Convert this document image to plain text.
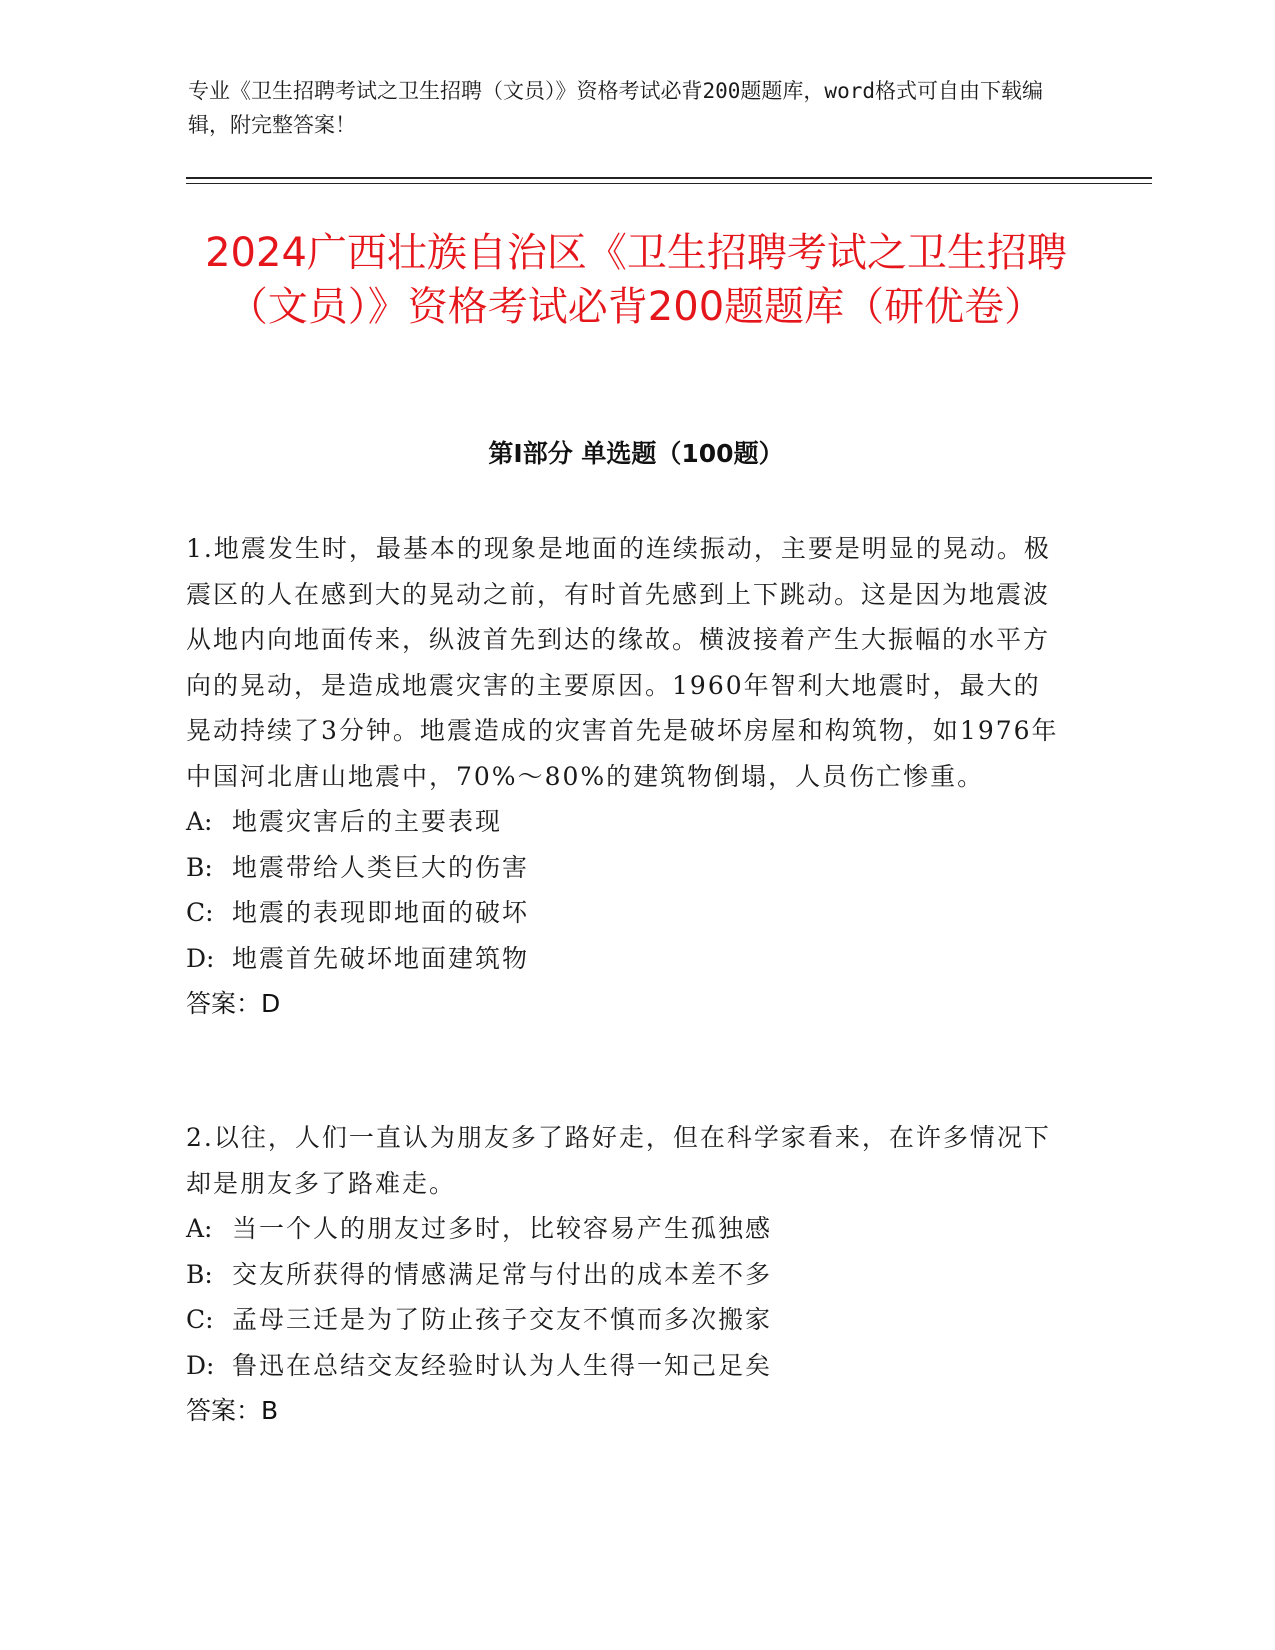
专业《卫生招聘考试之卫生招聘（文员）》资格考试必背200题题库，word格式可自由下载编辑，附完整答案！
2024广西壮族自治区《卫生招聘考试之卫生招聘（文员）》资格考试必背200题题库（研优卷）
第I部分 单选题（100题）

1.地震发生时，最基本的现象是地面的连续振动，主要是明显的晃动。极震区的人在感到大的晃动之前，有时首先感到上下跳动。这是因为地震波从地内向地面传来，纵波首先到达的缘故。横波接着产生大振幅的水平方向的晃动，是造成地震灾害的主要原因。1960年智利大地震时，最大的晃动持续了3分钟。地震造成的灾害首先是破坏房屋和构筑物，如1976年中国河北唐山地震中，70%～80%的建筑物倒塌，人员伤亡惨重。

A: 地震灾害后的主要表现

B: 地震带给人类巨大的伤害

C: 地震的表现即地面的破坏

D: 地震首先破坏地面建筑物

答案：D

2.以往，人们一直认为朋友多了路好走，但在科学家看来，在许多情况下却是朋友多了路难走。

A: 当一个人的朋友过多时，比较容易产生孤独感

B: 交友所获得的情感满足常与付出的成本差不多

C: 孟母三迁是为了防止孩子交友不慎而多次搬家

D: 鲁迅在总结交友经验时认为人生得一知己足矣

答案：B
